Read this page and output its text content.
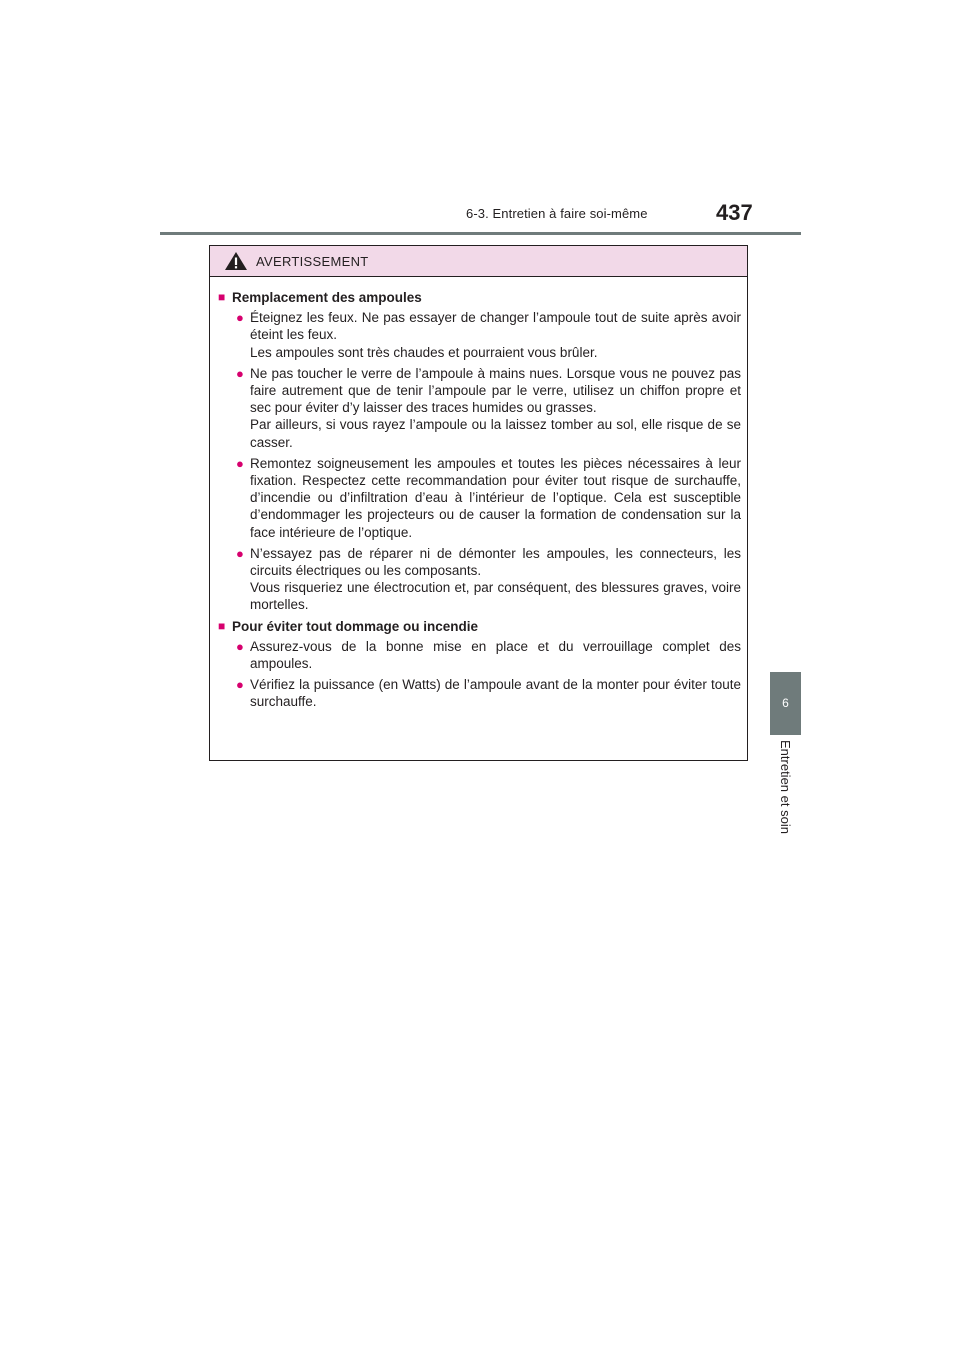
6-3. Entretien à faire soi-même	437
6
Entretien et soin
AVERTISSEMENT
■ Remplacement des ampoules
● Éteignez les feux. Ne pas essayer de changer l’ampoule tout de suite après avoir éteint les feux.

Les ampoules sont très chaudes et pourraient vous brûler.

● Ne pas toucher le verre de l’ampoule à mains nues. Lorsque vous ne pouvez pas faire autrement que de tenir l’ampoule par le verre, utilisez un chiffon propre et sec pour éviter d’y laisser des traces humides ou grasses.

Par ailleurs, si vous rayez l’ampoule ou la laissez tomber au sol, elle risque de se casser.

● Remontez soigneusement les ampoules et toutes les pièces nécessaires à leur fixation. Respectez cette recommandation pour éviter tout risque de surchauffe, d’incendie ou d’infiltration d’eau à l’intérieur de l’optique. Cela est susceptible d’endommager les projecteurs ou de causer la formation de condensation sur la face intérieure de l’optique.

● N’essayez pas de réparer ni de démonter les ampoules, les connecteurs, les circuits électriques ou les composants.

Vous risqueriez une électrocution et, par conséquent, des blessures graves, voire mortelles.

■ Pour éviter tout dommage ou incendie
● Assurez-vous de la bonne mise en place et du verrouillage complet des ampoules.

● Vérifiez la puissance (en Watts) de l’ampoule avant de la monter pour éviter toute surchauffe.
